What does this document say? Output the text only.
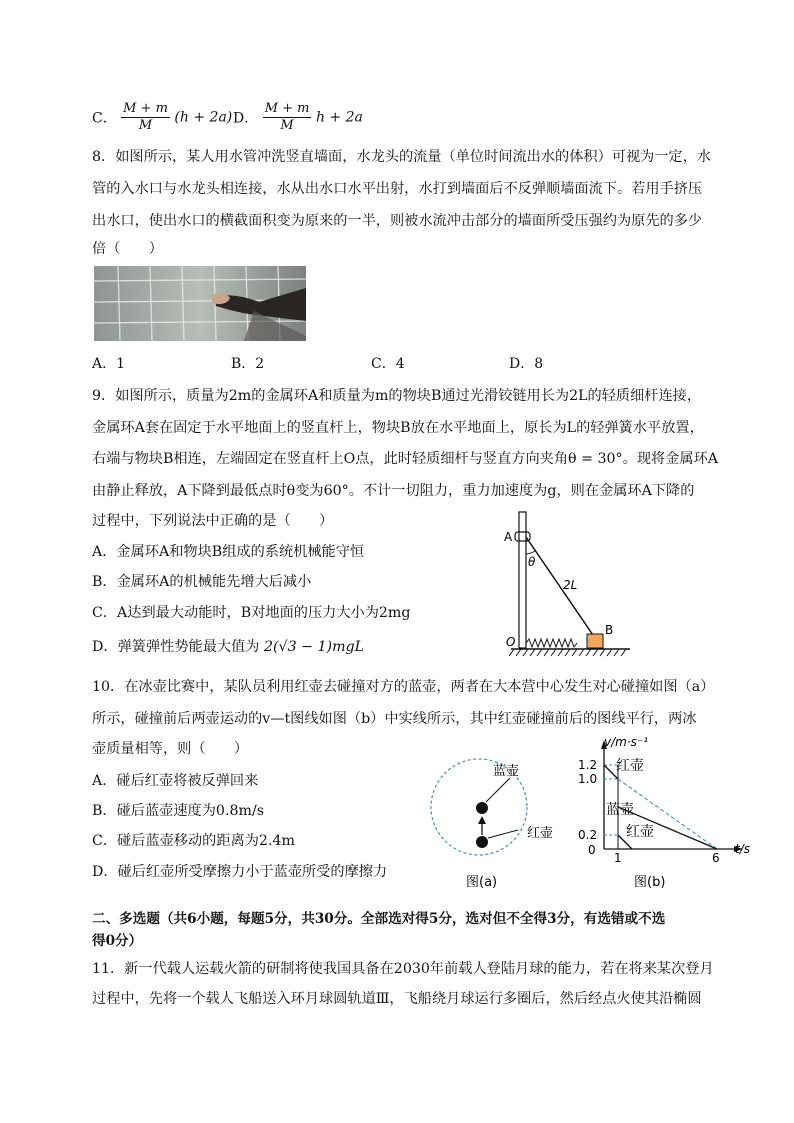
C． $\frac{M + m}{M} (h + 2a)$ D． $\frac{M + m}{M}$ h + 2a
8．如图所示，某人用水管冲洗竖直墙面，水龙头的流量（单位时间流出水的体积）可视为一定，水
管的入水口与水龙头相连接，水从出水口水平出射，水打到墙面后不反弹顺墙面流下。若用手挤压
出水口，使出水口的横截面积变为原来的一半，则被水流冲击部分的墙面所受压强约为原先的多少
倍（　　）
A．1	B．2	C．4	D．8
9．如图所示，质量为2m的金属环A和质量为m的物块B通过光滑铰链用长为2L的轻质细杆连接，
金属环A套在固定于水平地面上的竖直杆上，物块B放在水平地面上，原长为L的轻弹簧水平放置，
右端与物块B相连，左端固定在竖直杆上O点，此时轻质细杆与竖直方向夹角θ = 30°。现将金属环A
由静止释放，A下降到最低点时θ变为60°。不计一切阻力，重力加速度为g，则在金属环A下降的
过程中，下列说法中正确的是（　　）
A．金属环A和物块B组成的系统机械能守恒
B．金属环A的机械能先增大后减小
C．A达到最大动能时，B对地面的压力大小为2mg
D．弹簧弹性势能最大值为 2(√3 − 1)mgL
A
θ
2L
O
B
10．在冰壶比赛中，某队员利用红壶去碰撞对方的蓝壶，两者在大本营中心发生对心碰撞如图（a）
所示，碰撞前后两壶运动的v—t图线如图（b）中实线所示，其中红壶碰撞前后的图线平行，两冰
壶质量相等，则（　　）
A．碰后红壶将被反弹回来
B．碰后蓝壶速度为0.8m/s
C．碰后蓝壶移动的距离为2.4m
D．碰后红壶所受摩擦力小于蓝壶所受的摩擦力
蓝壶
红壶
图(a)
v/m·s⁻¹
t/s
1.2
1.0
0.2
0
1	6
红壶
蓝壶
红壶
图(b)
二、多选题（共6小题，每题5分，共30分。全部选对得5分，选对但不全得3分，有选错或不选
得0分）
11．新一代载人运载火箭的研制将使我国具备在2030年前载人登陆月球的能力，若在将来某次登月
过程中，先将一个载人飞船送入环月球圆轨道Ⅲ，飞船绕月球运行多圈后，然后经点火使其沿椭圆
